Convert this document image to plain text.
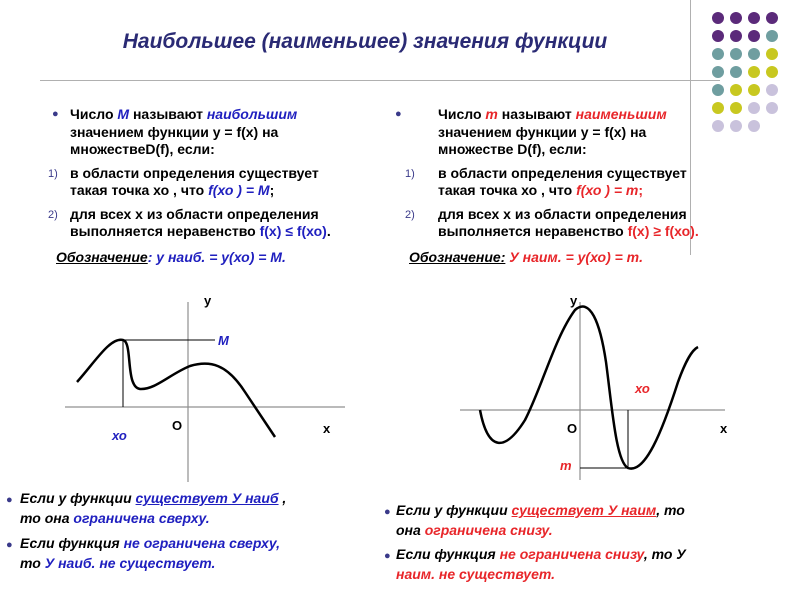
Наибольшее (наименьшее) значения функции
● Число М называют наибольшим
значением функции у = f(x) на
множествеD(f), если:
1) в области определения существует
такая точка хо , что f(хо ) = М;
2) для всех х из области определения
выполняется неравенство f(x) ≤ f(хо).
Обозначение: у наиб. = у(хо) = М.
y
x
O
M
хо
●	Число m называют наименьшим
значением функции у = f(x) на
множестве D(f), если:
1) в области определения существует
такая точка хо , что f(хо ) = m;
2) для всех х из области определения
выполняется неравенство f(x) ≥ f(хо).
Обозначение: У наим. = у(хо) = m.
y
x
O
хо
m
● Если у функции существует У наиб ,
то она ограничена сверху.
● Если функция не ограничена сверху,
то У наиб. не существует.
● Если у функции существует У наим, то
она ограничена снизу.
● Если функция не ограничена снизу, то У
наим. не существует.
